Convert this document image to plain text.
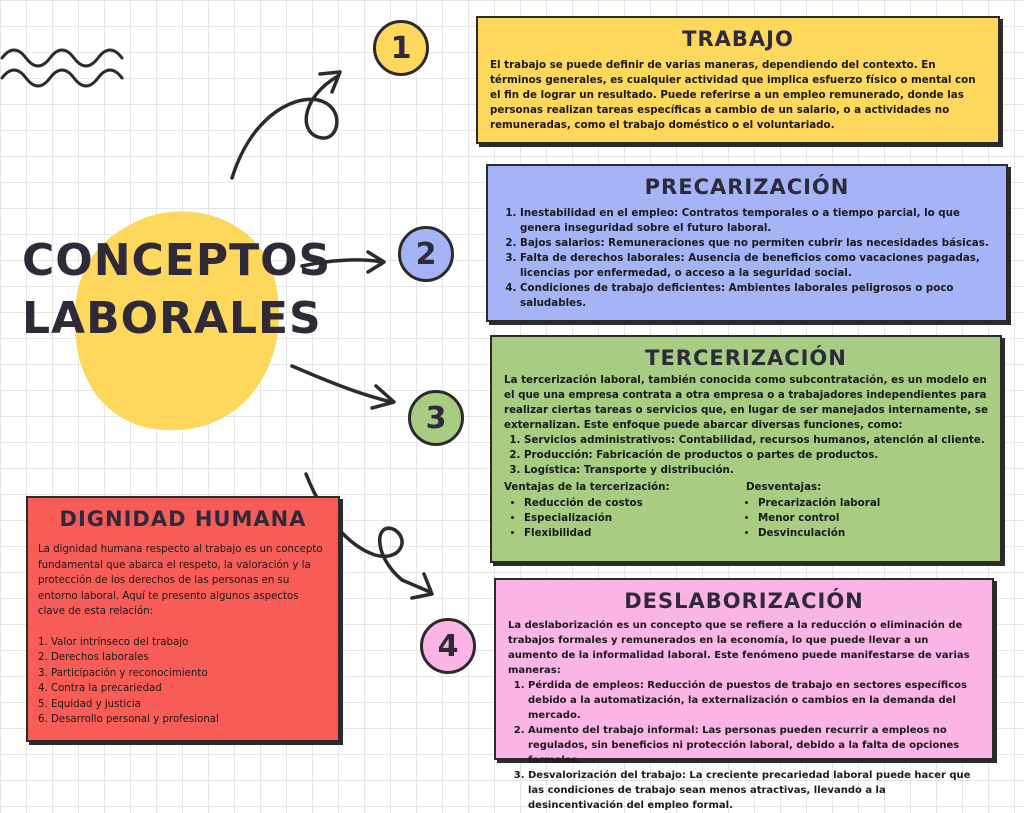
CONCEPTOS
LABORALES
1
2
3
4
TRABAJO
El trabajo se puede definir de varias maneras, dependiendo del contexto. En términos generales, es cualquier actividad que implica esfuerzo físico o mental con el fin de lograr un resultado. Puede referirse a un empleo remunerado, donde las personas realizan tareas específicas a cambio de un salario, o a actividades no remuneradas, como el trabajo doméstico o el voluntariado.
PRECARIZACIÓN
1. Inestabilidad en el empleo: Contratos temporales o a tiempo parcial, lo que genera inseguridad sobre el futuro laboral.
2. Bajos salarios: Remuneraciones que no permiten cubrir las necesidades básicas.
3. Falta de derechos laborales: Ausencia de beneficios como vacaciones pagadas, licencias por enfermedad, o acceso a la seguridad social.
4. Condiciones de trabajo deficientes: Ambientes laborales peligrosos o poco saludables.
TERCERIZACIÓN
La tercerización laboral, también conocida como subcontratación, es un modelo en el que una empresa contrata a otra empresa o a trabajadores independientes para realizar ciertas tareas o servicios que, en lugar de ser manejados internamente, se externalizan. Este enfoque puede abarcar diversas funciones, como:
1. Servicios administrativos: Contabilidad, recursos humanos, atención al cliente.
2. Producción: Fabricación de productos o partes de productos.
3. Logística: Transporte y distribución.
Ventajas de la tercerización:
• Reducción de costos
• Especialización
• Flexibilidad
Desventajas:
• Precarización laboral
• Menor control
• Desvinculación
DESLABORIZACIÓN
La deslaborización es un concepto que se refiere a la reducción o eliminación de trabajos formales y remunerados en la economía, lo que puede llevar a un aumento de la informalidad laboral. Este fenómeno puede manifestarse de varias maneras:
1. Pérdida de empleos: Reducción de puestos de trabajo en sectores específicos debido a la automatización, la externalización o cambios en la demanda del mercado.
2. Aumento del trabajo informal: Las personas pueden recurrir a empleos no regulados, sin beneficios ni protección laboral, debido a la falta de opciones formales.
3. Desvalorización del trabajo: La creciente precariedad laboral puede hacer que las condiciones de trabajo sean menos atractivas, llevando a la desincentivación del empleo formal.
DIGNIDAD HUMANA
La dignidad humana respecto al trabajo es un concepto fundamental que abarca el respeto, la valoración y la protección de los derechos de las personas en su entorno laboral. Aquí te presento algunos aspectos clave de esta relación:
1. Valor intrínseco del trabajo
2. Derechos laborales
3. Participación y reconocimiento
4. Contra la precariedad
5. Equidad y justicia
6. Desarrollo personal y profesional
